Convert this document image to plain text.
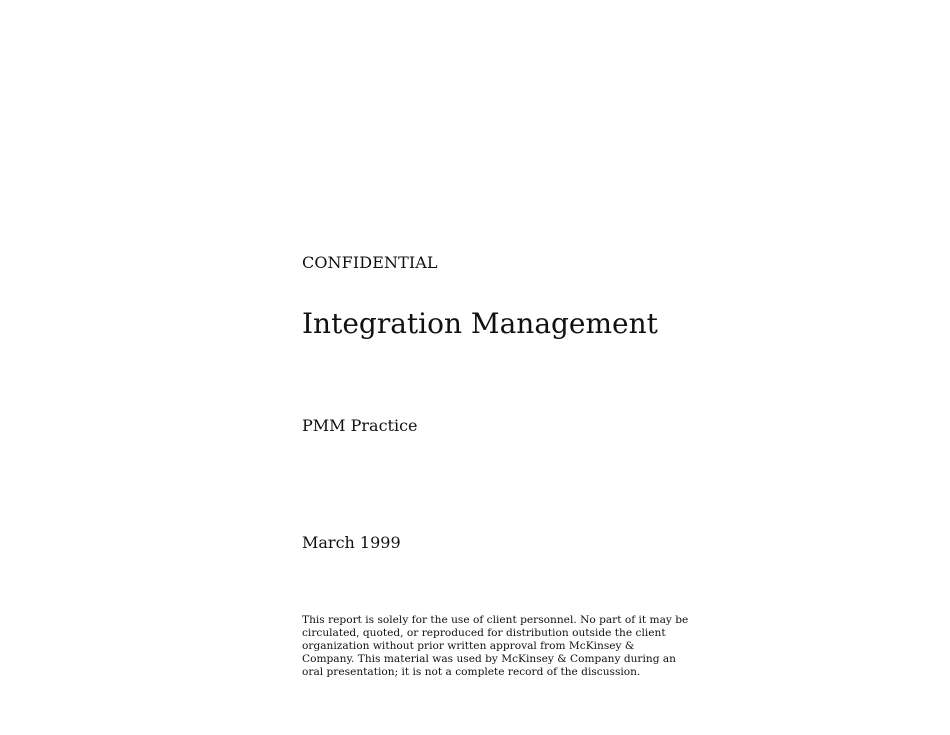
CONFIDENTIAL
Integration Management
PMM Practice
March 1999
This report is solely for the use of client personnel. No part of it may be
circulated, quoted, or reproduced for distribution outside the client
organization without prior written approval from McKinsey &
Company. This material was used by McKinsey & Company during an
oral presentation; it is not a complete record of the discussion.
